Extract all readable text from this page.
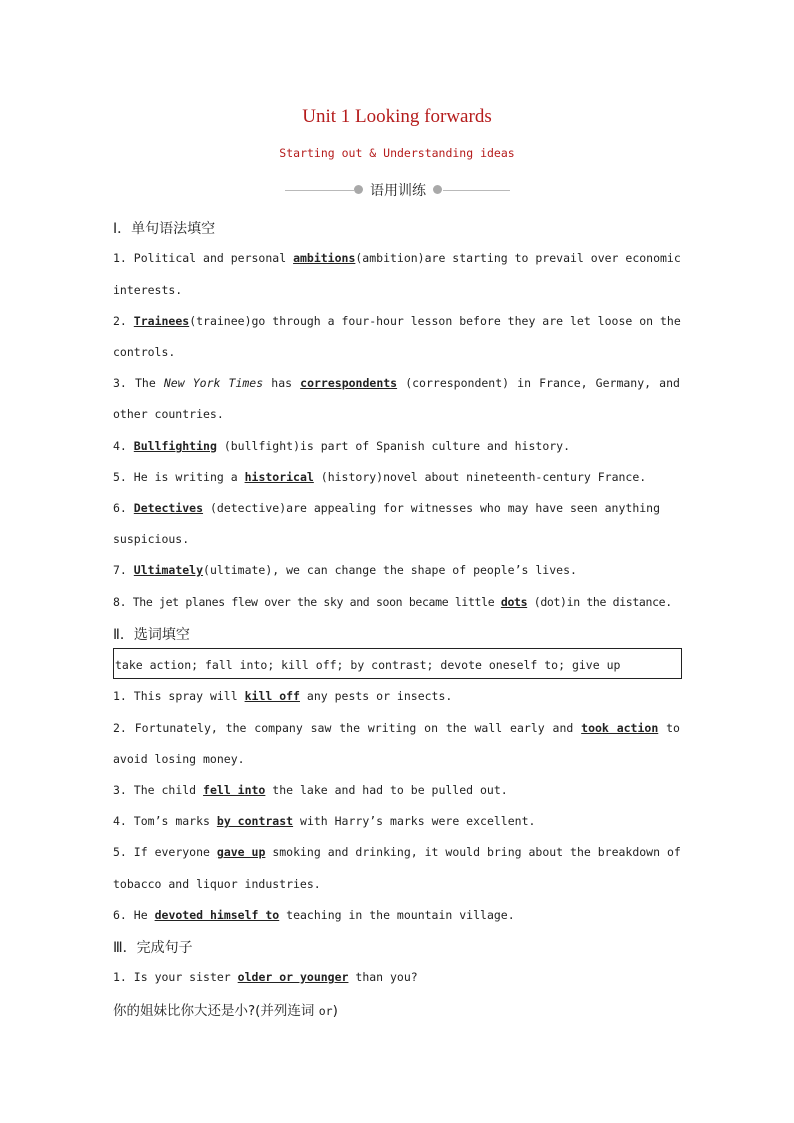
Unit 1 Looking forwards
Starting out & Understanding ideas
语用训练
Ⅰ．单句语法填空
1. Political and personal ambitions(ambition)are starting to prevail over economic
interests.
2. Trainees(trainee)go through a four-hour lesson before they are let loose on the
controls.
3. The New York Times has correspondents (correspondent) in France, Germany, and
other countries.
4. Bullfighting (bullfight)is part of Spanish culture and history.
5. He is writing a historical (history)novel about nineteenth-century France.
6. Detectives (detective)are appealing for witnesses who may have seen anything
suspicious.
7. Ultimately(ultimate), we can change the shape of people’s lives.
8. The jet planes flew over the sky and soon became little dots (dot)in the distance.
Ⅱ．选词填空
take action; fall into; kill off; by contrast; devote oneself to; give up
1. This spray will kill off any pests or insects.
2. Fortunately, the company saw the writing on the wall early and took action to
avoid losing money.
3. The child fell into the lake and had to be pulled out.
4. Tom’s marks by contrast with Harry’s marks were excellent.
5. If everyone gave up smoking and drinking, it would bring about the breakdown of
tobacco and liquor industries.
6. He devoted himself to teaching in the mountain village.
Ⅲ．完成句子
1. Is your sister older or younger than you?
你的姐妹比你大还是小?(并列连词 or)
